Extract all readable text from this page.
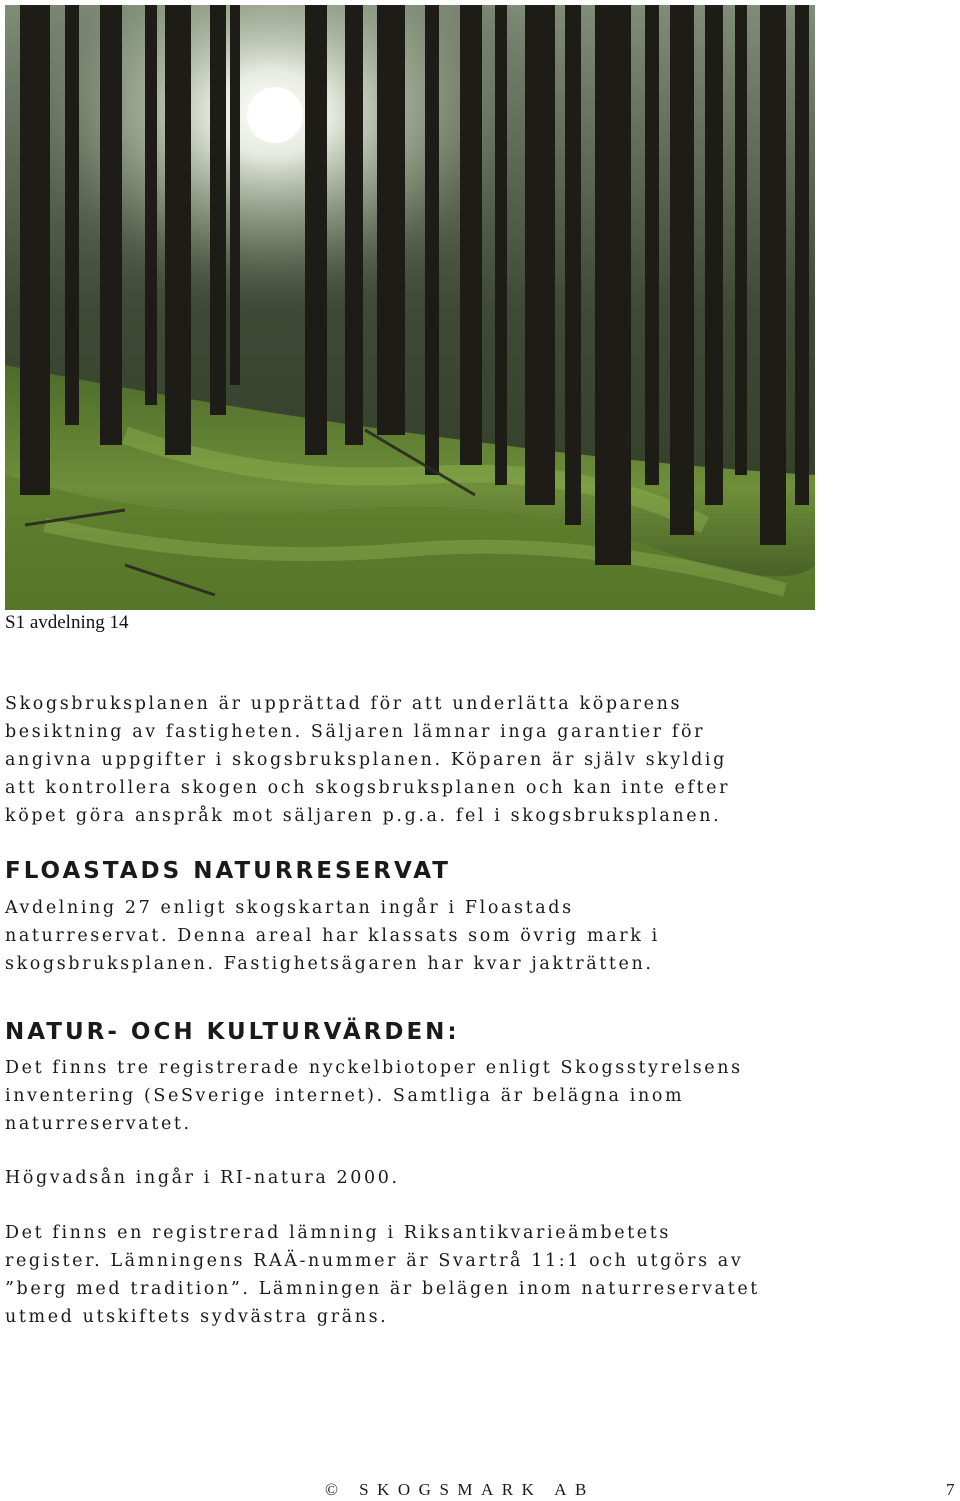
S1 avdelning 14
Skogsbruksplanen är upprättad för att underlätta köparens
besiktning av fastigheten. Säljaren lämnar inga garantier för
angivna uppgifter i skogsbruksplanen. Köparen är själv skyldig
att kontrollera skogen och skogsbruksplanen och kan inte efter
köpet göra anspråk mot säljaren p.g.a. fel i skogsbruksplanen.
FLOASTADS NATURRESERVAT
Avdelning 27 enligt skogskartan ingår i Floastads
naturreservat. Denna areal har klassats som övrig mark i
skogsbruksplanen. Fastighetsägaren har kvar jakträtten.
NATUR- OCH KULTURVÄRDEN:
Det finns tre registrerade nyckelbiotoper enligt Skogsstyrelsens
inventering (SeSverige internet). Samtliga är belägna inom
naturreservatet.
Högvadsån ingår i RI-natura 2000.
Det finns en registrerad lämning i Riksantikvarieämbetets
register. Lämningens RAÄ-nummer är Svartrå 11:1 och utgörs av
”berg med tradition”. Lämningen är belägen inom naturreservatet
utmed utskiftets sydvästra gräns.
© SKOGSMARK AB	7
